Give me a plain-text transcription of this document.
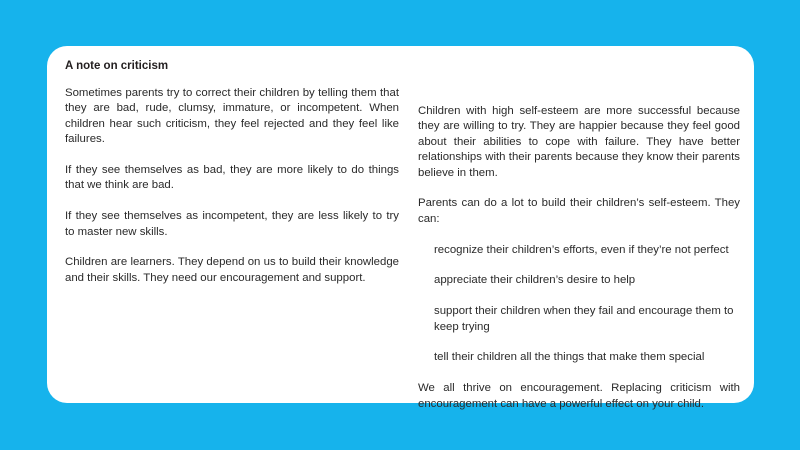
A note on criticism

Sometimes parents try to correct their children by telling them that they are bad, rude, clumsy, immature, or incompetent. When children hear such criticism, they feel rejected and they feel like failures.

If they see themselves as bad, they are more likely to do things that we think are bad.

If they see themselves as incompetent, they are less likely to try to master new skills.

Children are learners. They depend on us to build their knowledge and their skills. They need our encouragement and support.

Children with high self-esteem are more successful because they are willing to try. They are happier because they feel good about their abilities to cope with failure. They have better relationships with their parents because they know their parents believe in them.

Parents can do a lot to build their children’s self-esteem. They can:

recognize their children’s efforts, even if they’re not perfect
appreciate their children’s desire to help
support their children when they fail and encourage them to keep trying
tell their children all the things that make them special

We all thrive on encouragement. Replacing criticism with encouragement can have a powerful effect on your child.
